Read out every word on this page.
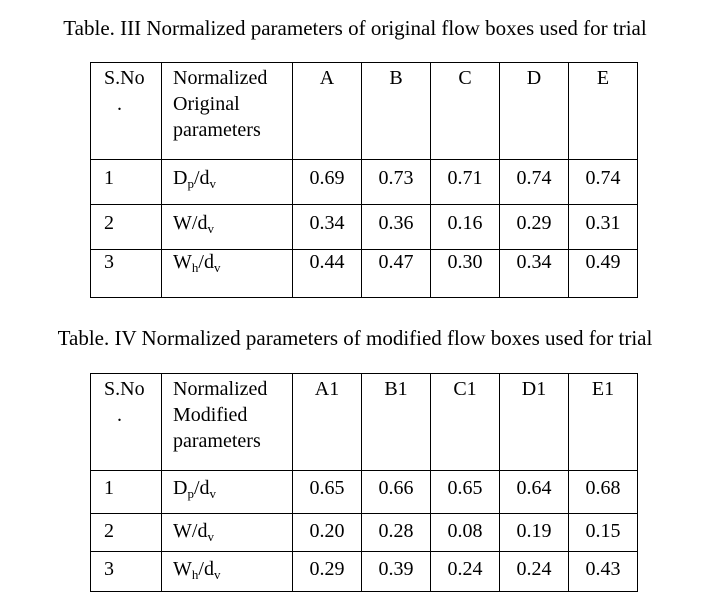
Table. III Normalized parameters of original flow boxes used for trial
S.No
.	Normalized
Original
parameters	A	B	C	D	E

1	$D_p/d_v$	0.69	0.73	0.71	0.74	0.74

2	$W/d_v$	0.34	0.36	0.16	0.29	0.31

3	$W_h/d_v$	0.44	0.47	0.30	0.34	0.49
Table. IV Normalized parameters of modified flow boxes used for trial
S.No
.	Normalized
Modified
parameters	A1	B1	C1	D1	E1

1	$D_p/d_v$	0.65	0.66	0.65	0.64	0.68

2	$W/d_v$	0.20	0.28	0.08	0.19	0.15

3	$W_h/d_v$	0.29	0.39	0.24	0.24	0.43
